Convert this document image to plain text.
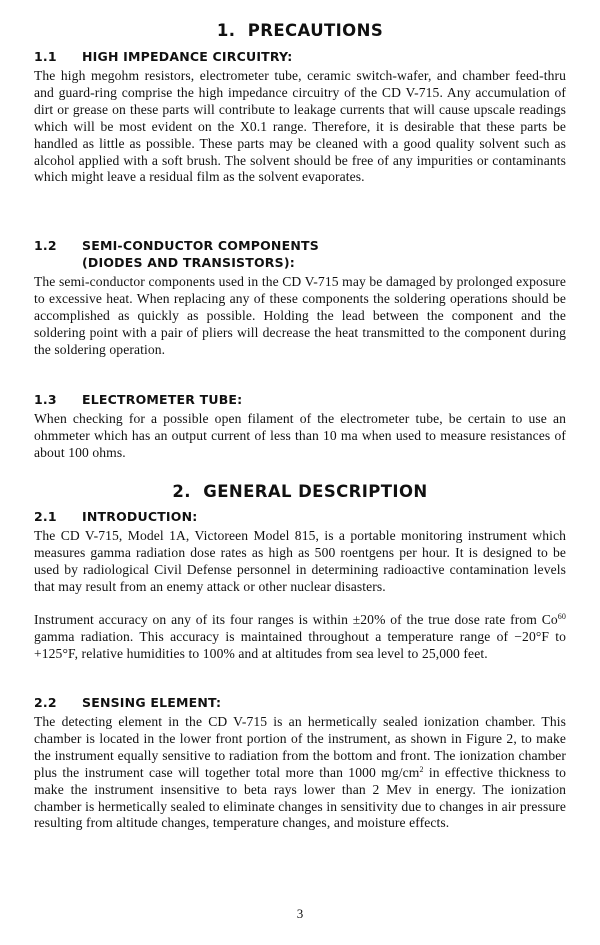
1. PRECAUTIONS
1.1 HIGH IMPEDANCE CIRCUITRY:

The high megohm resistors, electrometer tube, ceramic switch-wafer, and chamber feed-thru and guard-ring comprise the high impedance circuitry of the CD V-715. Any accumulation of dirt or grease on these parts will contribute to leakage currents that will cause upscale readings which will be most evident on the X0.1 range. Therefore, it is desirable that these parts be handled as little as possible. These parts may be cleaned with a good quality solvent such as alcohol applied with a soft brush. The solvent should be free of any impurities or contaminants which might leave a residual film as the solvent evaporates.

1.2 SEMI-CONDUCTOR COMPONENTS
(DIODES AND TRANSISTORS):

The semi-conductor components used in the CD V-715 may be damaged by prolonged exposure to excessive heat. When replacing any of these components the soldering operations should be accomplished as quickly as possible. Holding the lead between the component and the soldering point with a pair of pliers will decrease the heat transmitted to the component during the soldering operation.

1.3 ELECTROMETER TUBE:

When checking for a possible open filament of the electrometer tube, be certain to use an ohmmeter which has an output current of less than 10 ma when used to measure resistances of about 100 ohms.

2. GENERAL DESCRIPTION
2.1 INTRODUCTION:

The CD V-715, Model 1A, Victoreen Model 815, is a portable monitoring instrument which measures gamma radiation dose rates as high as 500 roentgens per hour. It is designed to be used by radiological Civil Defense personnel in determining radioactive contamination levels that may result from an enemy attack or other nuclear disasters.

Instrument accuracy on any of its four ranges is within ±20% of the true dose rate from Co$^{60}$ gamma radiation. This accuracy is maintained throughout a temperature range of −20°F to +125°F, relative humidities to 100% and at altitudes from sea level to 25,000 feet.

2.2 SENSING ELEMENT:

The detecting element in the CD V-715 is an hermetically sealed ionization chamber. This chamber is located in the lower front portion of the instrument, as shown in Figure 2, to make the instrument equally sensitive to radiation from the bottom and front. The ionization chamber plus the instrument case will together total more than 1000 $mg/cm^2$ in effective thickness to make the instrument insensitive to beta rays lower than 2 Mev in energy. The ionization chamber is hermetically sealed to eliminate changes in sensitivity due to changes in air pressure resulting from altitude changes, temperature changes, and moisture effects.

3
